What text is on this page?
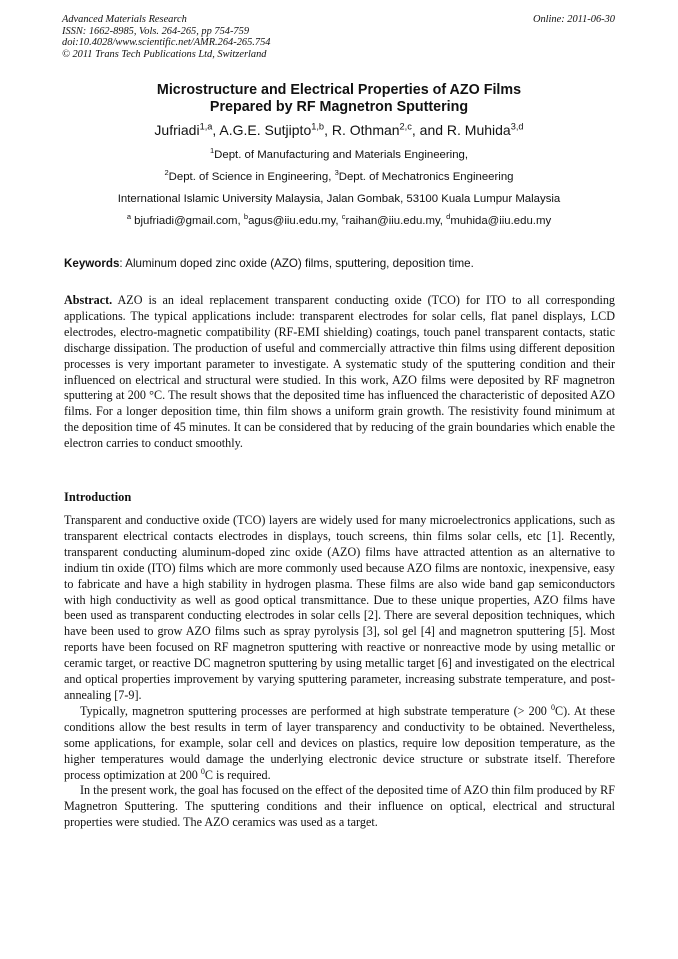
Advanced Materials Research
ISSN: 1662-8985, Vols. 264-265, pp 754-759
doi:10.4028/www.scientific.net/AMR.264-265.754
© 2011 Trans Tech Publications Ltd, Switzerland
Online: 2011-06-30
Microstructure and Electrical Properties of AZO Films
Prepared by RF Magnetron Sputtering
Jufriadi$^{1,a}$, A.G.E. Sutjipto$^{1,b}$, R. Othman$^{2,c}$, and R. Muhida$^{3,d}$
$^1$Dept. of Manufacturing and Materials Engineering,
$^2$Dept. of Science in Engineering, $^3$Dept. of Mechatronics Engineering
International Islamic University Malaysia, Jalan Gombak, 53100 Kuala Lumpur Malaysia
$^a$ bjufriadi@gmail.com, $^b$agus@iiu.edu.my, $^c$raihan@iiu.edu.my, $^d$muhida@iiu.edu.my
Keywords: Aluminum doped zinc oxide (AZO) films, sputtering, deposition time.
Abstract. AZO is an ideal replacement transparent conducting oxide (TCO) for ITO to all corresponding applications. The typical applications include: transparent electrodes for solar cells, flat panel displays, LCD electrodes, electro-magnetic compatibility (RF-EMI shielding) coatings, touch panel transparent contacts, static discharge dissipation. The production of useful and commercially attractive thin films using different deposition processes is very important parameter to investigate. A systematic study of the sputtering condition and their influenced on electrical and structural were studied. In this work, AZO films were deposited by RF magnetron sputtering at 200 °C. The result shows that the deposited time has influenced the characteristic of deposited AZO films. For a longer deposition time, thin film shows a uniform grain growth. The resistivity found minimum at the deposition time of 45 minutes. It can be considered that by reducing of the grain boundaries which enable the electron carries to conduct smoothly.
Introduction

Transparent and conductive oxide (TCO) layers are widely used for many microelectronics applications, such as transparent electrical contacts electrodes in displays, touch screens, thin films solar cells, etc [1]. Recently, transparent conducting aluminum-doped zinc oxide (AZO) films have attracted attention as an alternative to indium tin oxide (ITO) films which are more commonly used because AZO films are nontoxic, inexpensive, easy to fabricate and have a high stability in hydrogen plasma. These films are also wide band gap semiconductors with high conductivity as well as good optical transmittance. Due to these unique properties, AZO films have been used as transparent conducting electrodes in solar cells [2]. There are several deposition techniques, which have been used to grow AZO films such as spray pyrolysis [3], sol gel [4] and magnetron sputtering [5]. Most reports have been focused on RF magnetron sputtering with reactive or nonreactive mode by using metallic or ceramic target, or reactive DC magnetron sputtering by using metallic target [6] and investigated on the electrical and optical properties improvement by varying sputtering parameter, increasing substrate temperature, and post-annealing [7-9].

Typically, magnetron sputtering processes are performed at high substrate temperature (> 200 $^0$C). At these conditions allow the best results in term of layer transparency and conductivity to be obtained. Nevertheless, some applications, for example, solar cell and devices on plastics, require low deposition temperature, as the higher temperatures would damage the underlying electronic device structure or substrate itself. Therefore process optimization at 200 $^0$C is required.

In the present work, the goal has focused on the effect of the deposited time of AZO thin film produced by RF Magnetron Sputtering. The sputtering conditions and their influence on optical, electrical and structural properties were studied. The AZO ceramics was used as a target.
